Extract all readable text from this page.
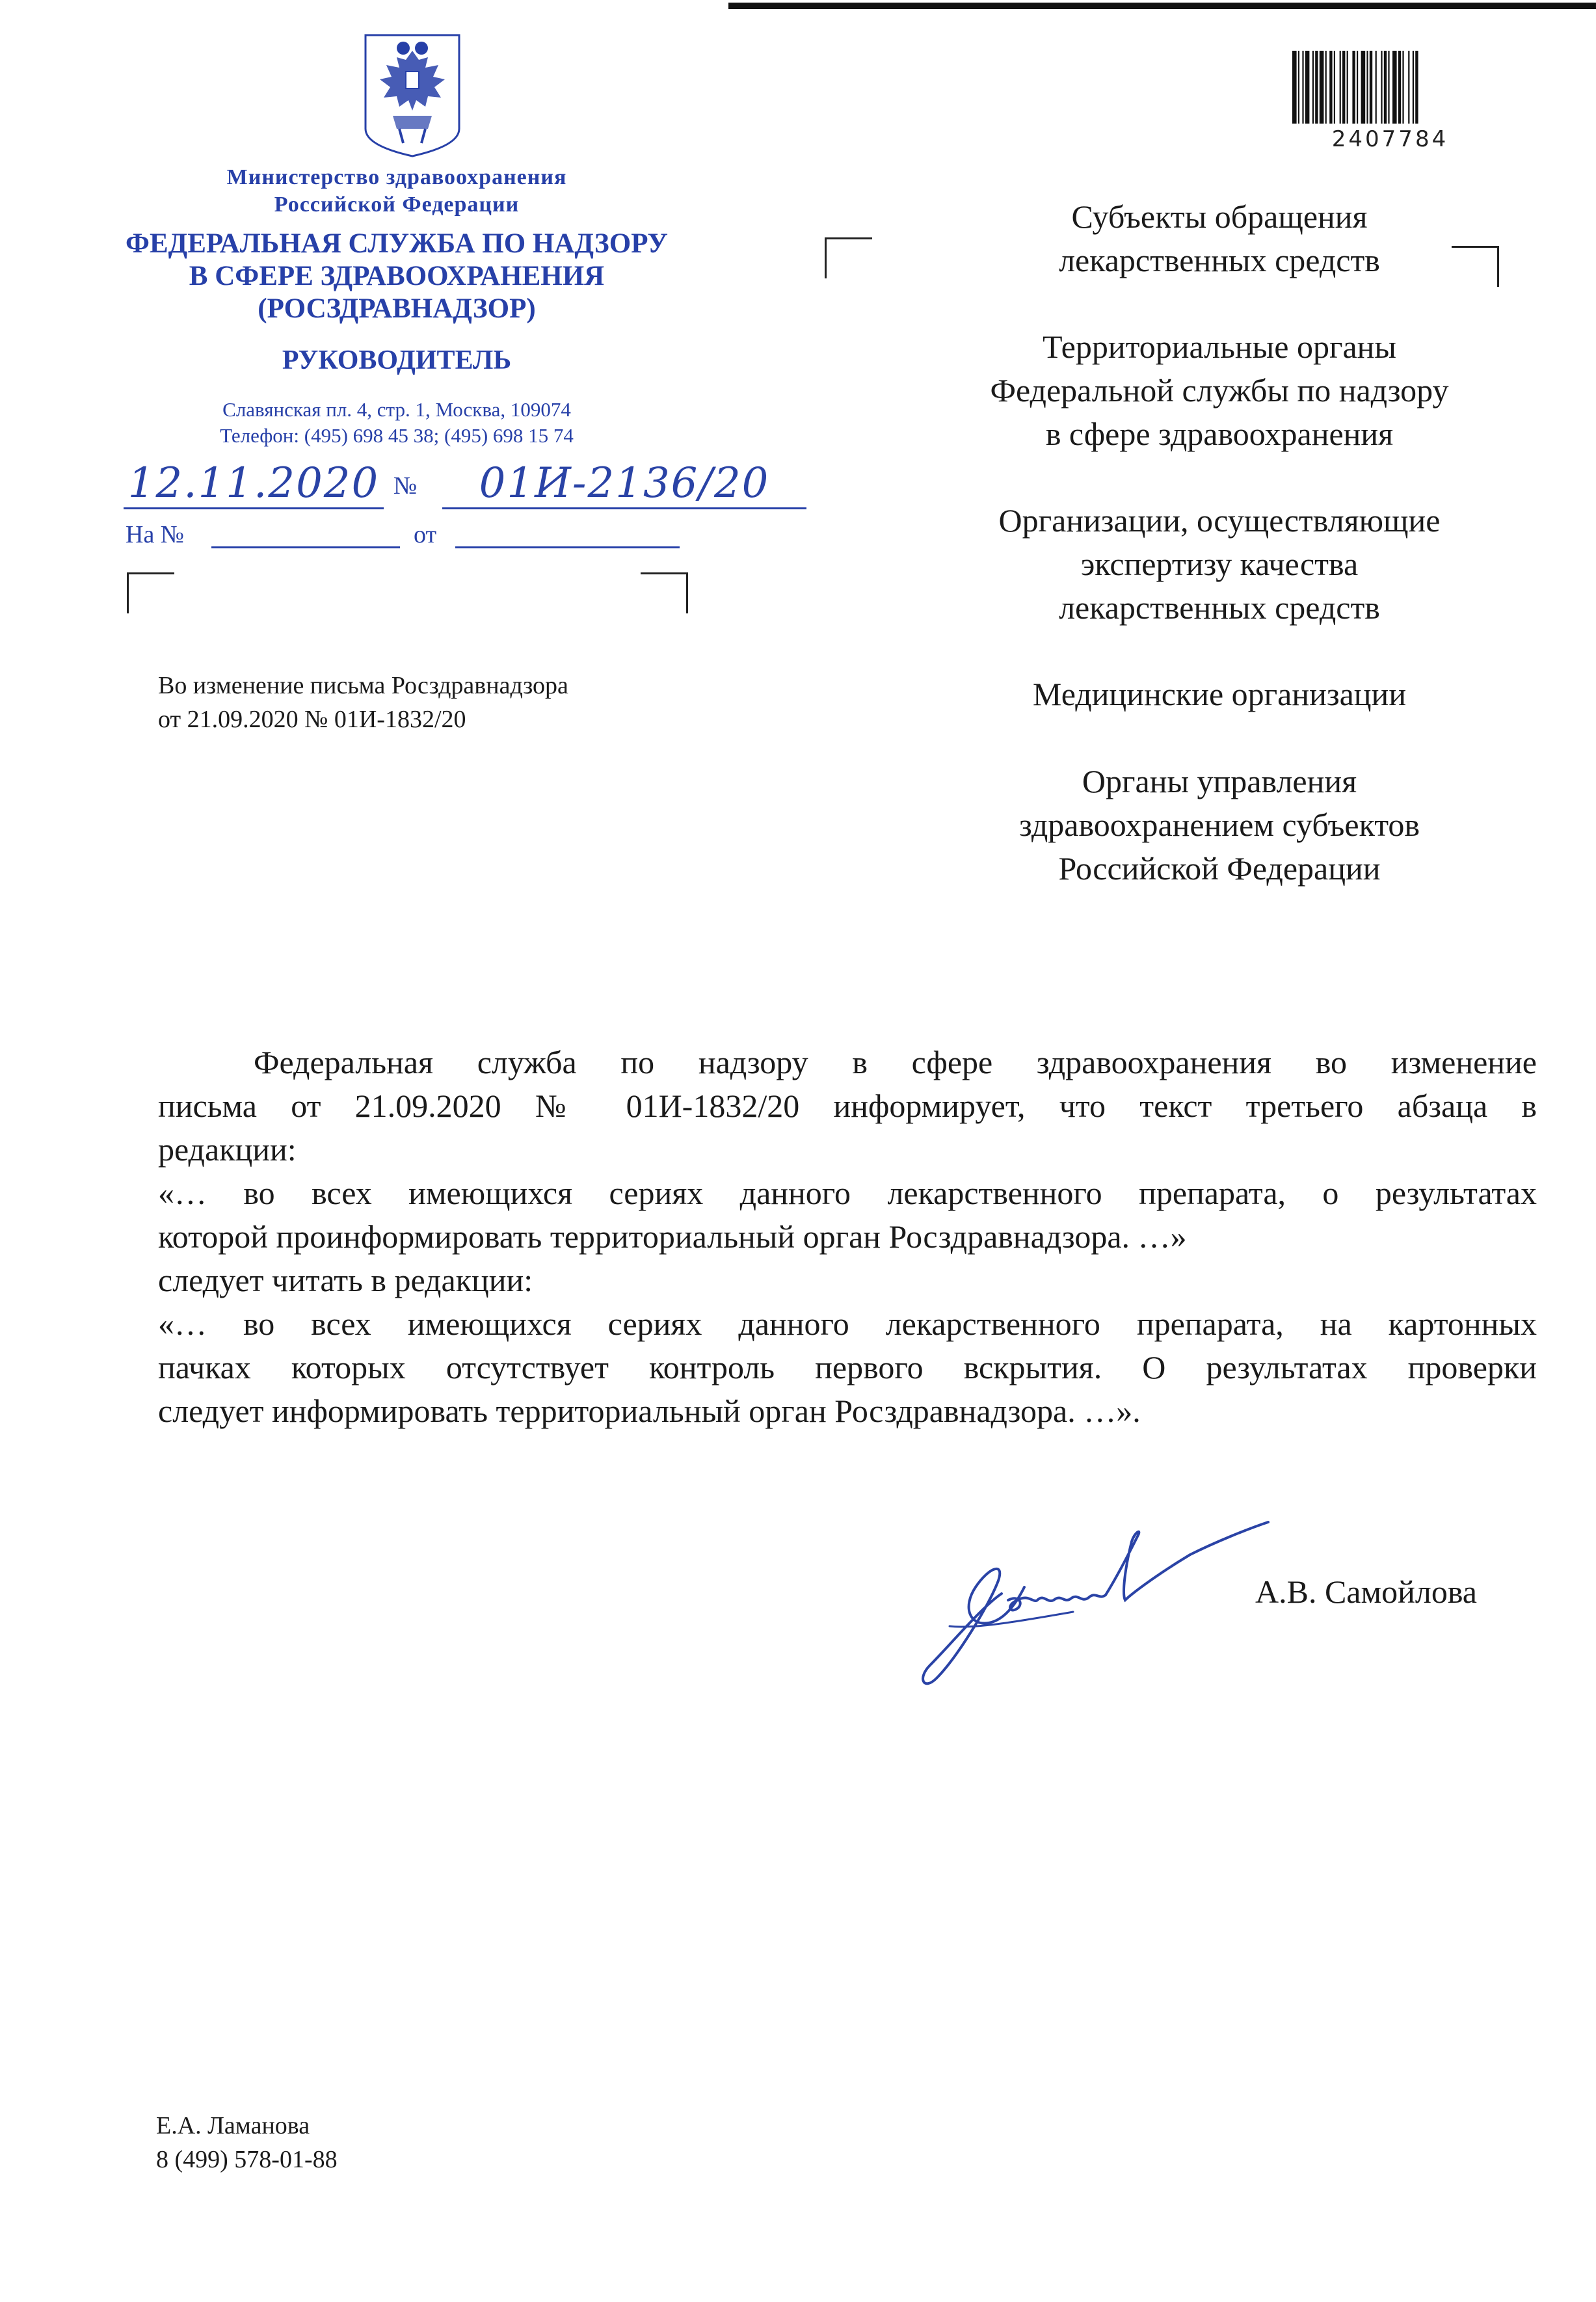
Министерство здравоохранения
Российской Федерации
ФЕДЕРАЛЬНАЯ СЛУЖБА ПО НАДЗОРУ
В СФЕРЕ ЗДРАВООХРАНЕНИЯ
(РОСЗДРАВНАДЗОР)
РУКОВОДИТЕЛЬ
Славянская пл. 4, стр. 1, Москва, 109074
Телефон: (495) 698 45 38; (495) 698 15 74
12.11.2020 №	01И-2136/20
На №	от
2407784
Субъекты обращения
лекарственных средств
Территориальные органы
Федеральной службы по надзору
в сфере здравоохранения
Организации, осуществляющие
экспертизу качества
лекарственных средств
Медицинские организации
Органы управления
здравоохранением субъектов
Российской Федерации
Во изменение письма Росздравнадзора
от 21.09.2020 № 01И-1832/20
Федеральная служба по надзору в сфере здравоохранения во изменение
письма от 21.09.2020 № 01И-1832/20 информирует, что текст третьего абзаца в
редакции:
«… во всех имеющихся сериях данного лекарственного препарата, о результатах
которой проинформировать территориальный орган Росздравнадзора. …»
следует читать в редакции:
«… во всех имеющихся сериях данного лекарственного препарата, на картонных
пачках которых отсутствует контроль первого вскрытия. О результатах проверки
следует информировать территориальный орган Росздравнадзора. …».
А.В. Самойлова
Е.А. Ламанова
8 (499) 578-01-88
